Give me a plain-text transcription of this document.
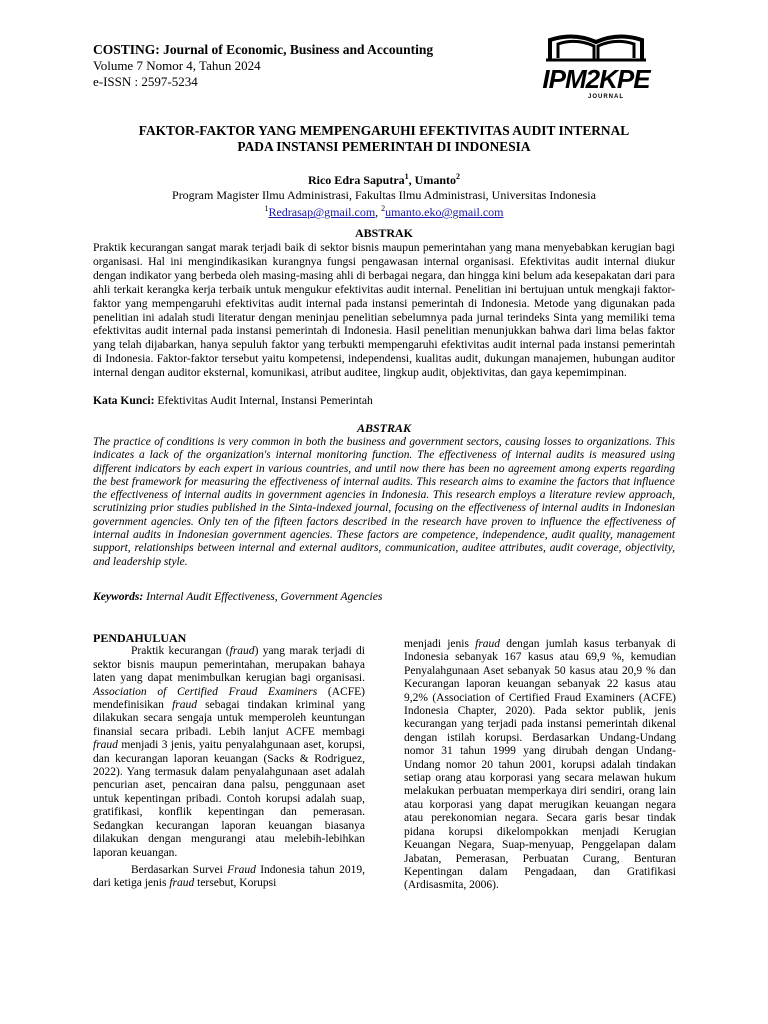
COSTING: Journal of Economic, Business and Accounting
Volume 7 Nomor 4, Tahun 2024
e-ISSN : 2597-5234	IPM2KPE
JOURNAL
FAKTOR-FAKTOR YANG MEMPENGARUHI EFEKTIVITAS AUDIT INTERNAL
PADA INSTANSI PEMERINTAH DI INDONESIA
Rico Edra Saputra$^1$, Umanto$^2$
Program Magister Ilmu Administrasi, Fakultas Ilmu Administrasi, Universitas Indonesia
$^1$Redrasap@gmail.com, $^2$umanto.eko@gmail.com
ABSTRAK
Praktik kecurangan sangat marak terjadi baik di sektor bisnis maupun pemerintahan yang mana menyebabkan kerugian bagi organisasi. Hal ini mengindikasikan kurangnya fungsi pengawasan internal organisasi. Efektivitas audit internal diukur dengan indikator yang berbeda oleh masing-masing ahli di berbagai negara, dan hingga kini belum ada kesepakatan dari para ahli terkait kerangka kerja terbaik untuk mengukur efektivitas audit internal. Penelitian ini bertujuan untuk mengkaji faktor-faktor yang mempengaruhi efektivitas audit internal pada instansi pemerintah di Indonesia. Metode yang digunakan pada penelitian ini adalah studi literatur dengan meninjau penelitian sebelumnya pada jurnal terindeks Sinta yang memiliki tema efektivitas audit internal pada instansi pemerintah di Indonesia. Hasil penelitian menunjukkan bahwa dari lima belas faktor yang telah dijabarkan, hanya sepuluh faktor yang terbukti mempengaruhi efektivitas audit internal pada instansi pemerintah di Indonesia. Faktor-faktor tersebut yaitu kompetensi, independensi, kualitas audit, dukungan manajemen, hubungan auditor internal dengan auditor eksternal, komunikasi, atribut auditee, lingkup audit, objektivitas, dan gaya kepemimpinan.
Kata Kunci: Efektivitas Audit Internal, Instansi Pemerintah
ABSTRAK
The practice of conditions is very common in both the business and government sectors, causing losses to organizations. This indicates a lack of the organization's internal monitoring function. The effectiveness of internal audits is measured using different indicators by each expert in various countries, and until now there has been no agreement among experts regarding the best framework for measuring the effectiveness of internal audits. This research aims to examine the factors that influence the effectiveness of internal audits in government agencies in Indonesia. This research employs a literature review approach, scrutinizing prior studies published in the Sinta-indexed journal, focusing on the effectiveness of internal audits in Indonesian government agencies. Only ten of the fifteen factors described in the research have proven to influence the effectiveness of internal audits in Indonesian government agencies. These factors are competence, independence, audit quality, management support, relationships between internal and external auditors, communication, auditee attributes, audit coverage, objectivity, and leadership style.
Keywords: Internal Audit Effectiveness, Government Agencies
PENDAHULUAN

Praktik kecurangan (fraud) yang marak terjadi di sektor bisnis maupun pemerintahan, merupakan bahaya laten yang dapat menimbulkan kerugian bagi organisasi. Association of Certified Fraud Examiners (ACFE) mendefinisikan fraud sebagai tindakan kriminal yang dilakukan secara sengaja untuk memperoleh keuntungan finansial secara pribadi. Lebih lanjut ACFE membagi fraud menjadi 3 jenis, yaitu penyalahgunaan aset, korupsi, dan kecurangan laporan keuangan (Sacks & Rodriguez, 2022). Yang termasuk dalam penyalahgunaan aset adalah pencurian aset, pencairan dana palsu, penggunaan aset untuk kepentingan pribadi. Contoh korupsi adalah suap, gratifikasi, konflik kepentingan dan pemerasan. Sedangkan kecurangan laporan keuangan biasanya dilakukan dengan mengurangi atau melebih-lebihkan laporan keuangan.

Berdasarkan Survei Fraud Indonesia tahun 2019, dari ketiga jenis fraud tersebut, Korupsi

menjadi jenis fraud dengan jumlah kasus terbanyak di Indonesia sebanyak 167 kasus atau 69,9 %, kemudian Penyalahgunaan Aset sebanyak 50 kasus atau 20,9 % dan Kecurangan laporan keuangan sebanyak 22 kasus atau 9,2% (Association of Certified Fraud Examiners (ACFE) Indonesia Chapter, 2020). Pada sektor publik, jenis kecurangan yang terjadi pada instansi pemerintah dikenal dengan istilah korupsi. Berdasarkan Undang-Undang nomor 31 tahun 1999 yang dirubah dengan Undang-Undang nomor 20 tahun 2001, korupsi adalah tindakan setiap orang atau korporasi yang secara melawan hukum melakukan perbuatan memperkaya diri sendiri, orang lain atau korporasi yang dapat merugikan keuangan negara atau perekonomian negara. Secara garis besar tindak pidana korupsi dikelompokkan menjadi Kerugian Keuangan Negara, Suap-menyuap, Penggelapan dalam Jabatan, Pemerasan, Perbuatan Curang, Benturan Kepentingan dalam Pengadaan, dan Gratifikasi (Ardisasmita, 2006).
